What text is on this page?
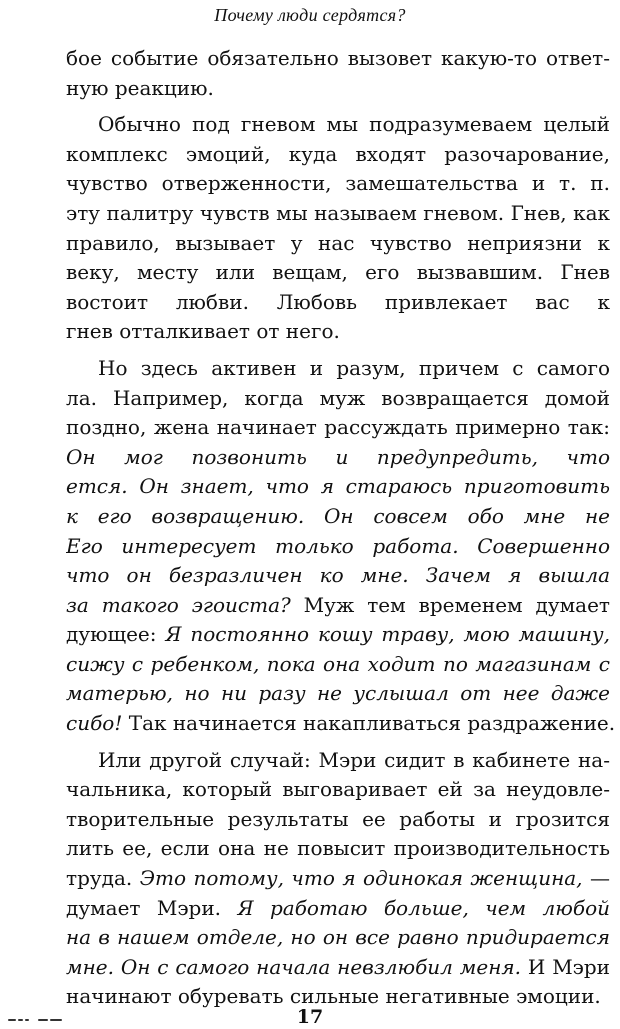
Почему люди сердятся?
бое событие обязательно вызовет какую-то ответ-
ную реакцию.
Обычно под гневом мы подразумеваем целый
комплекс эмоций, куда входят разочарование,
чувство отверженности, замешательства и т. п.
эту палитру чувств мы называем гневом. Гнев, как
правило, вызывает у нас чувство неприязни к
веку, месту или вещам, его вызвавшим. Гнев
востоит любви. Любовь привлекает вас к
гнев отталкивает от него.
Но здесь активен и разум, причем с самого
ла. Например, когда муж возвращается домой
поздно, жена начинает рассуждать примерно так:
Он мог позвонить и предупредить, что
ется. Он знает, что я стараюсь приготовить
к его возвращению. Он совсем обо мне не
Его интересует только работа. Совершенно
что он безразличен ко мне. Зачем я вышла
за такого эгоиста? Муж тем временем думает
дующее: Я постоянно кошу траву, мою машину,
сижу с ребенком, пока она ходит по магазинам с
матерью, но ни разу не услышал от нее даже
сибо! Так начинается накапливаться раздражение.
Или другой случай: Мэри сидит в кабинете на-
чальника, который выговаривает ей за неудовле-
творительные результаты ее работы и грозится
лить ее, если она не повысит производительность
труда. Это потому, что я одинокая женщина, —
думает Мэри. Я работаю больше, чем любой
на в нашем отделе, но он все равно придирается
мне. Он с самого начала невзлюбил меня. И Мэри
начинают обуревать сильные негативные эмоции.
17
